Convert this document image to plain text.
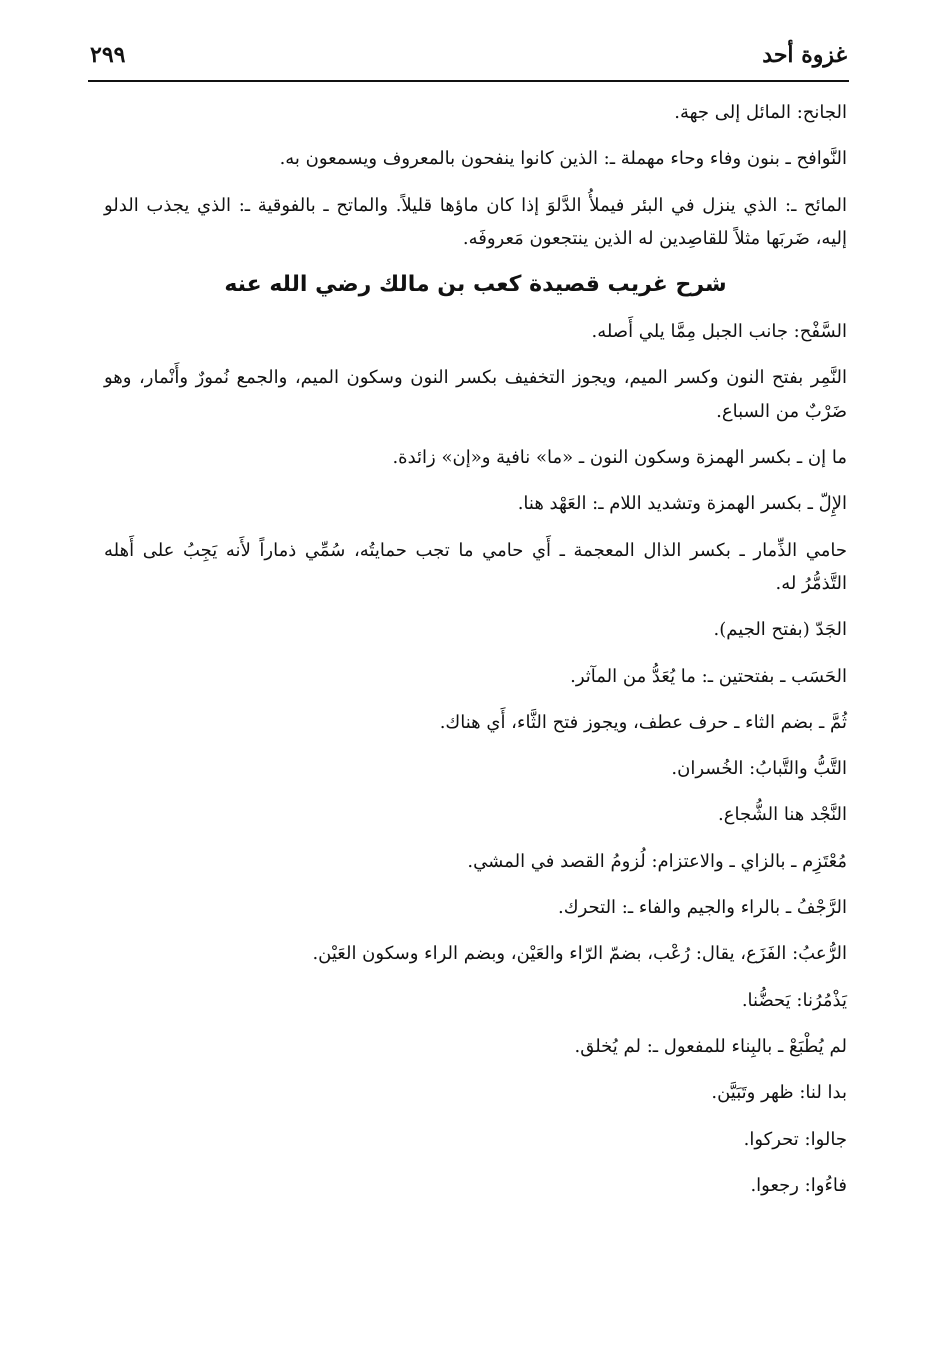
غزوة أحد
٢٩٩

الجانح: المائل إلى جهة.

النَّوافح ـ بنون وفاء وحاء مهملة ـ: الذين كانوا ينفحون بالمعروف ويسمعون به.

المائح ـ: الذي ينزل في البئر فيملأُ الدَّلوَ إذا كان ماؤها قليلاً. والماتح ـ بالفوقية ـ: الذي يجذب الدلو إليه، ضَربَها مثلاً للقاصِدين له الذين ينتجعون مَعروفَه.

شرح غريب قصيدة كعب بن مالك رضي الله عنه

السَّفْح: جانب الجبل مِمَّا يلي أَصله.

النَّمِر بفتح النون وكسر الميم، ويجوز التخفيف بكسر النون وسكون الميم، والجمع نُمورٌ وأَنْمار، وهو ضَرْبٌ من السباع.

ما إن ـ بكسر الهمزة وسكون النون ـ «ما» نافية و«إن» زائدة.

الإِلّ ـ بكسر الهمزة وتشديد اللام ـ: العَهْد هنا.

حامي الذِّمار ـ بكسر الذال المعجمة ـ أَي حامي ما تجب حمايتُه، سُمِّي ذماراً لأَنه يَجِبُ على أَهله التَّذمُّرُ له.

الجَدّ (بفتح الجيم).

الحَسَب ـ بفتحتين ـ: ما يُعَدُّ من المآثر.

ثُمَّ ـ بضم الثاء ـ حرف عطف، ويجوز فتح الثَّاء، أَي هناك.

التَّبُّ والتَّبابُ: الخُسران.

النَّجْد هنا الشُّجاع.

مُعْتَزِم ـ بالزاي ـ والاعتزام: لُزومُ القصد في المشي.

الرَّجْفُ ـ بالراء والجيم والفاء ـ: التحرك.

الرُّعبُ: الفَزَع، يقال: رُعْب، بضمّ الرّاء والعَيْن، وبضم الراء وسكون العَيْن.

يَذْمُرُنا: يَحضُّنا.

لم يُطْبَعْ ـ بالبِناء للمفعول ـ: لم يُخلق.

بدا لنا: ظهر وتَبَيَّن.

جالوا: تحركوا.

فاءُوا: رجعوا.
